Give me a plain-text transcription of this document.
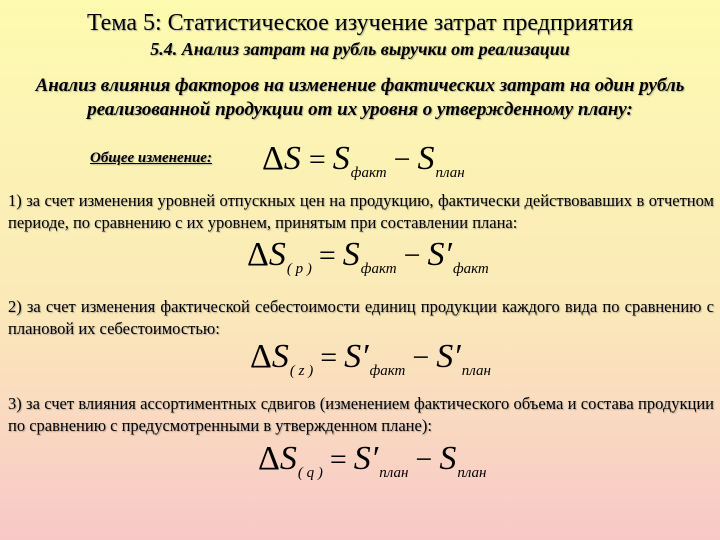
Тема 5: Статистическое изучение затрат предприятия
5.4. Анализ затрат на рубль выручки от реализации
Анализ влияния факторов на изменение фактических затрат на один рубль
реализованной продукции от их уровня о утвержденному плану:
Общее изменение: $\Delta S = S_{факт} - S_{план}$
1) за счет изменения уровней отпускных цен на продукцию, фактически действовавших в отчетном периоде, по сравнению с их уровнем, принятым при составлении плана:
$\Delta S_{( p )} = S_{факт} - S'_{факт}$
2) за счет изменения фактической себестоимости единиц продукции каждого вида по сравнению с плановой их себестоимостью:
$\Delta S_{( z )} = S'_{факт} - S'_{план}$
3) за счет влияния ассортиментных сдвигов (изменением фактического объема и состава продукции по сравнению с предусмотренными в утвержденном плане):
$\Delta S_{( q )} = S'_{план} - S_{план}$
